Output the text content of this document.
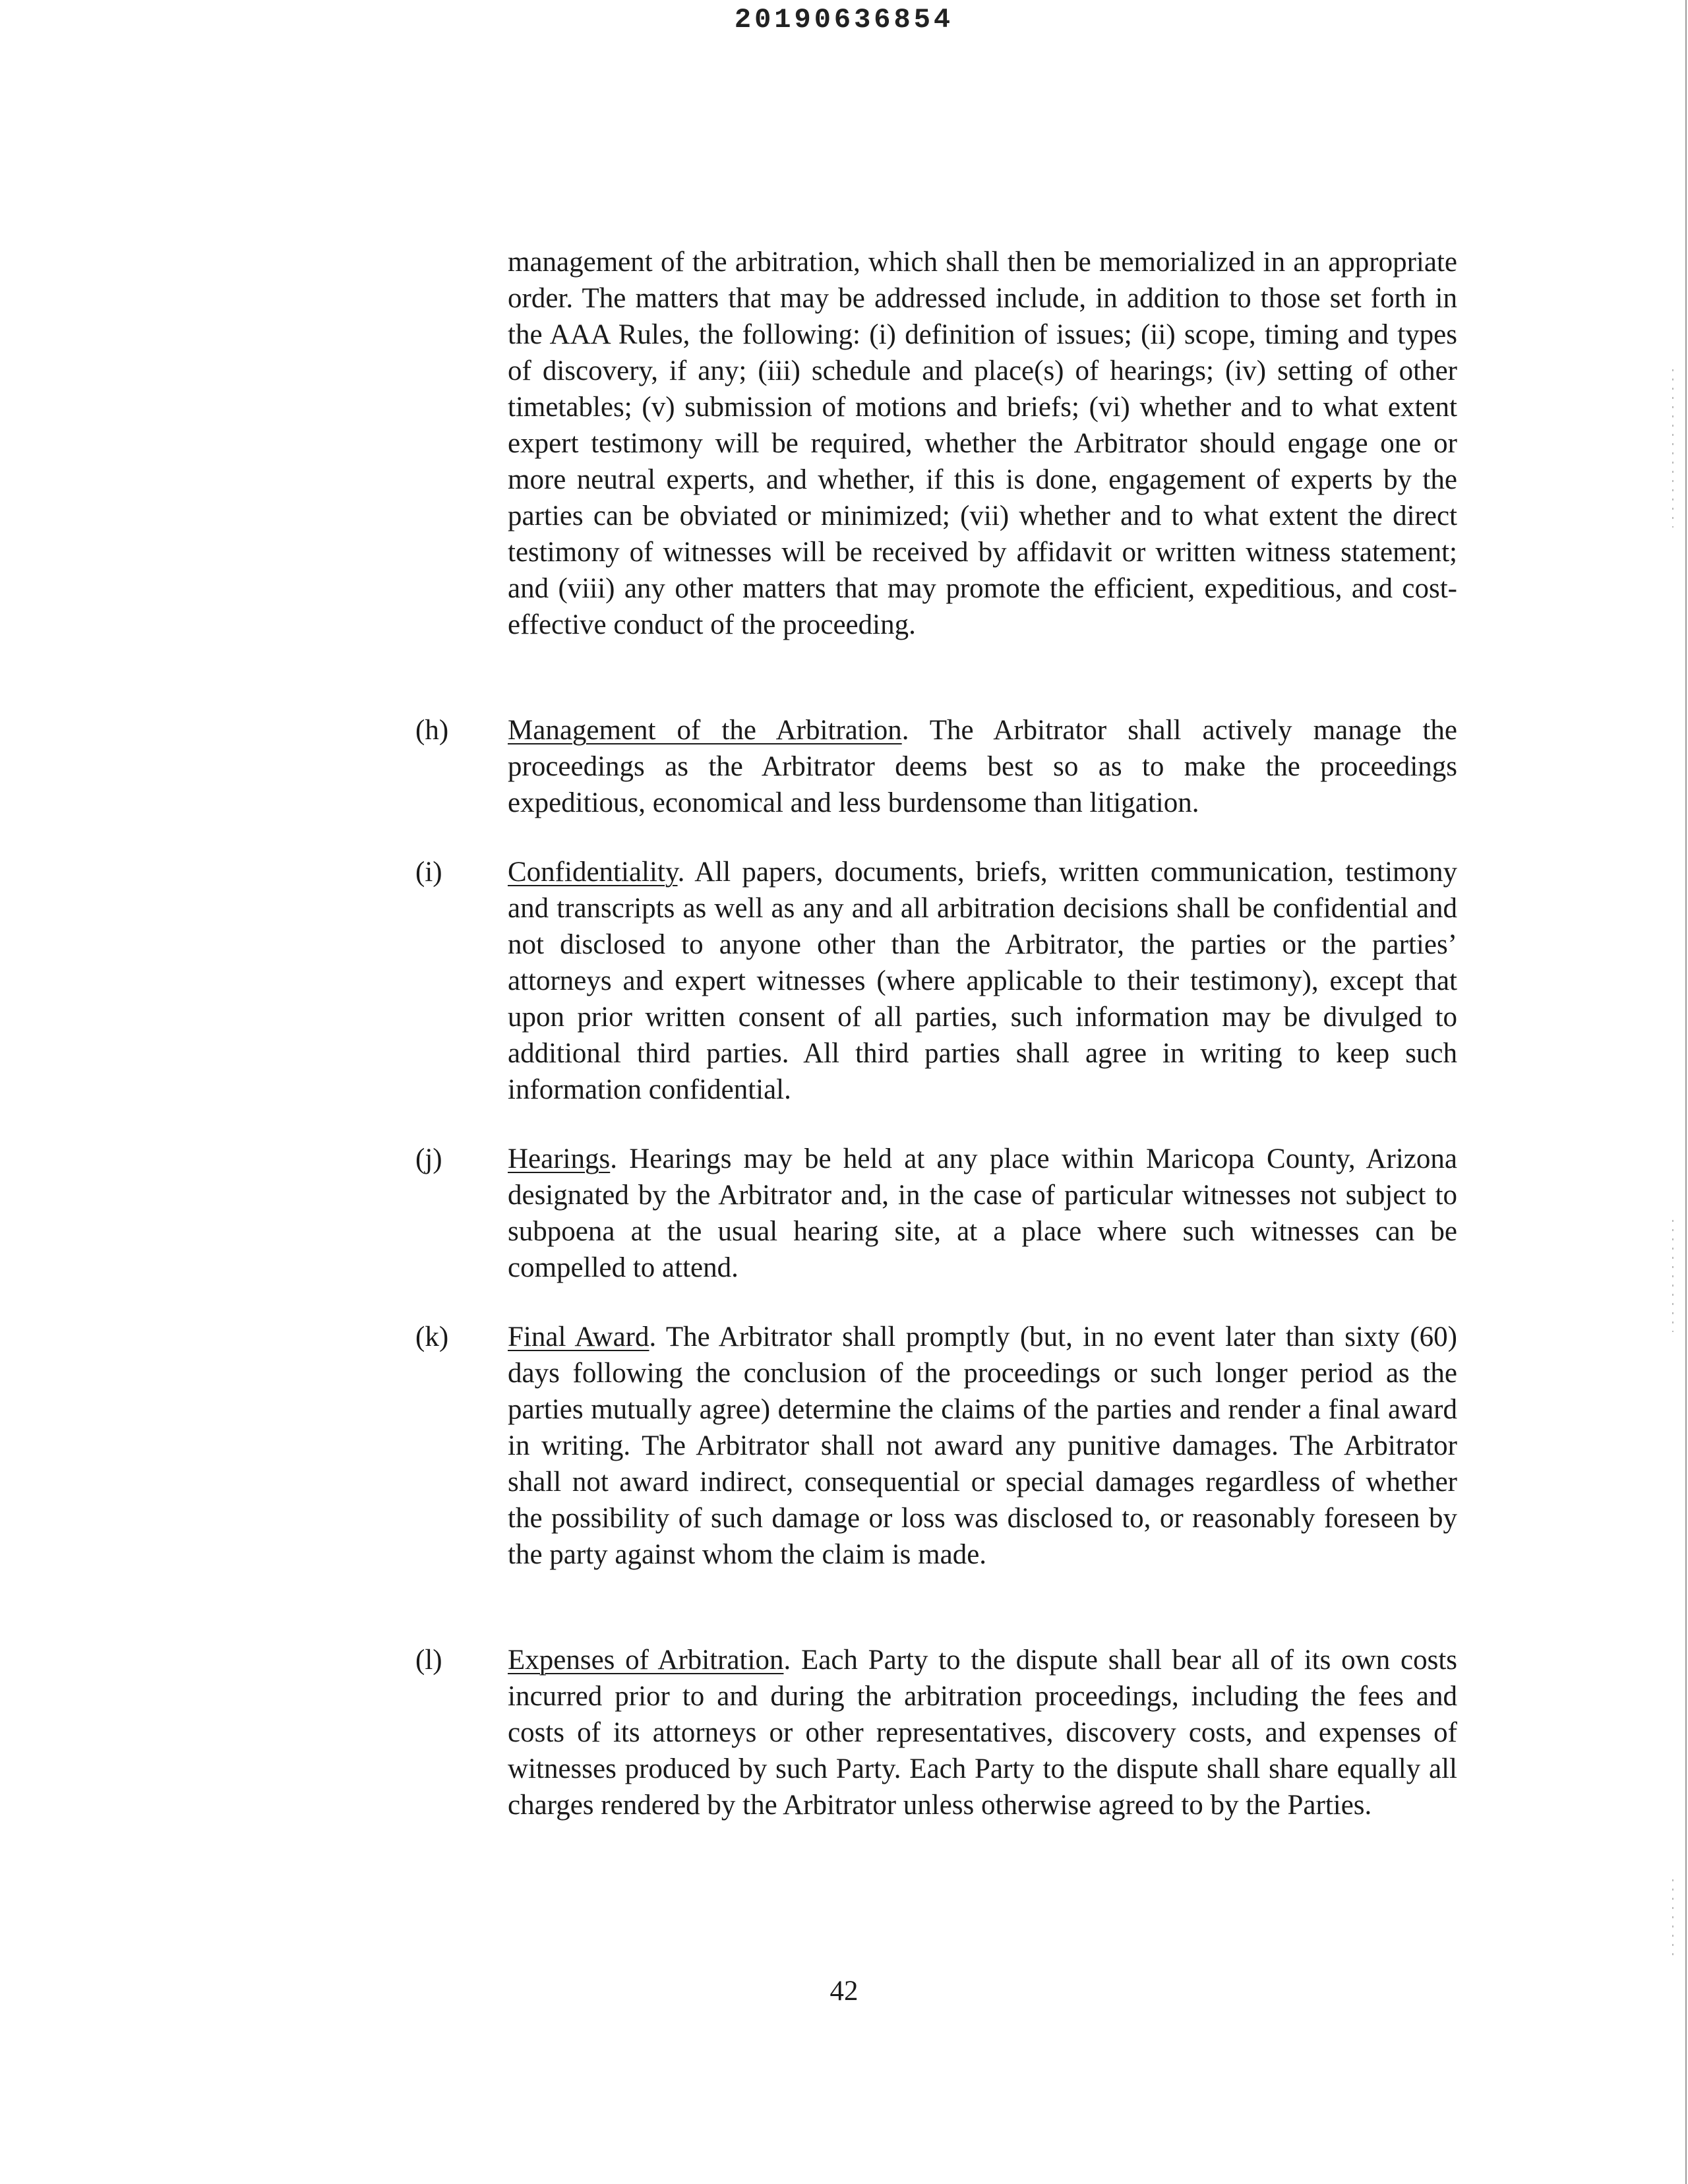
20190636854

management of the arbitration, which shall then be memorialized in an appropriate order. The matters that may be addressed include, in addition to those set forth in the AAA Rules, the following: (i) definition of issues; (ii) scope, timing and types of discovery, if any; (iii) schedule and place(s) of hearings; (iv) setting of other timetables; (v) submission of motions and briefs; (vi) whether and to what extent expert testimony will be required, whether the Arbitrator should engage one or more neutral experts, and whether, if this is done, engagement of experts by the parties can be obviated or minimized; (vii) whether and to what extent the direct testimony of witnesses will be received by affidavit or written witness statement; and (viii) any other matters that may promote the efficient, expeditious, and cost-effective conduct of the proceeding.

(h) Management of the Arbitration. The Arbitrator shall actively manage the proceedings as the Arbitrator deems best so as to make the proceedings expeditious, economical and less burdensome than litigation.

(i) Confidentiality. All papers, documents, briefs, written communication, testimony and transcripts as well as any and all arbitration decisions shall be confidential and not disclosed to anyone other than the Arbitrator, the parties or the parties’ attorneys and expert witnesses (where applicable to their testimony), except that upon prior written consent of all parties, such information may be divulged to additional third parties. All third parties shall agree in writing to keep such information confidential.

(j) Hearings. Hearings may be held at any place within Maricopa County, Arizona designated by the Arbitrator and, in the case of particular witnesses not subject to subpoena at the usual hearing site, at a place where such witnesses can be compelled to attend.

(k) Final Award. The Arbitrator shall promptly (but, in no event later than sixty (60) days following the conclusion of the proceedings or such longer period as the parties mutually agree) determine the claims of the parties and render a final award in writing. The Arbitrator shall not award any punitive damages. The Arbitrator shall not award indirect, consequential or special damages regardless of whether the possibility of such damage or loss was disclosed to, or reasonably foreseen by the party against whom the claim is made.

(l) Expenses of Arbitration. Each Party to the dispute shall bear all of its own costs incurred prior to and during the arbitration proceedings, including the fees and costs of its attorneys or other representatives, discovery costs, and expenses of witnesses produced by such Party. Each Party to the dispute shall share equally all charges rendered by the Arbitrator unless otherwise agreed to by the Parties.

42
